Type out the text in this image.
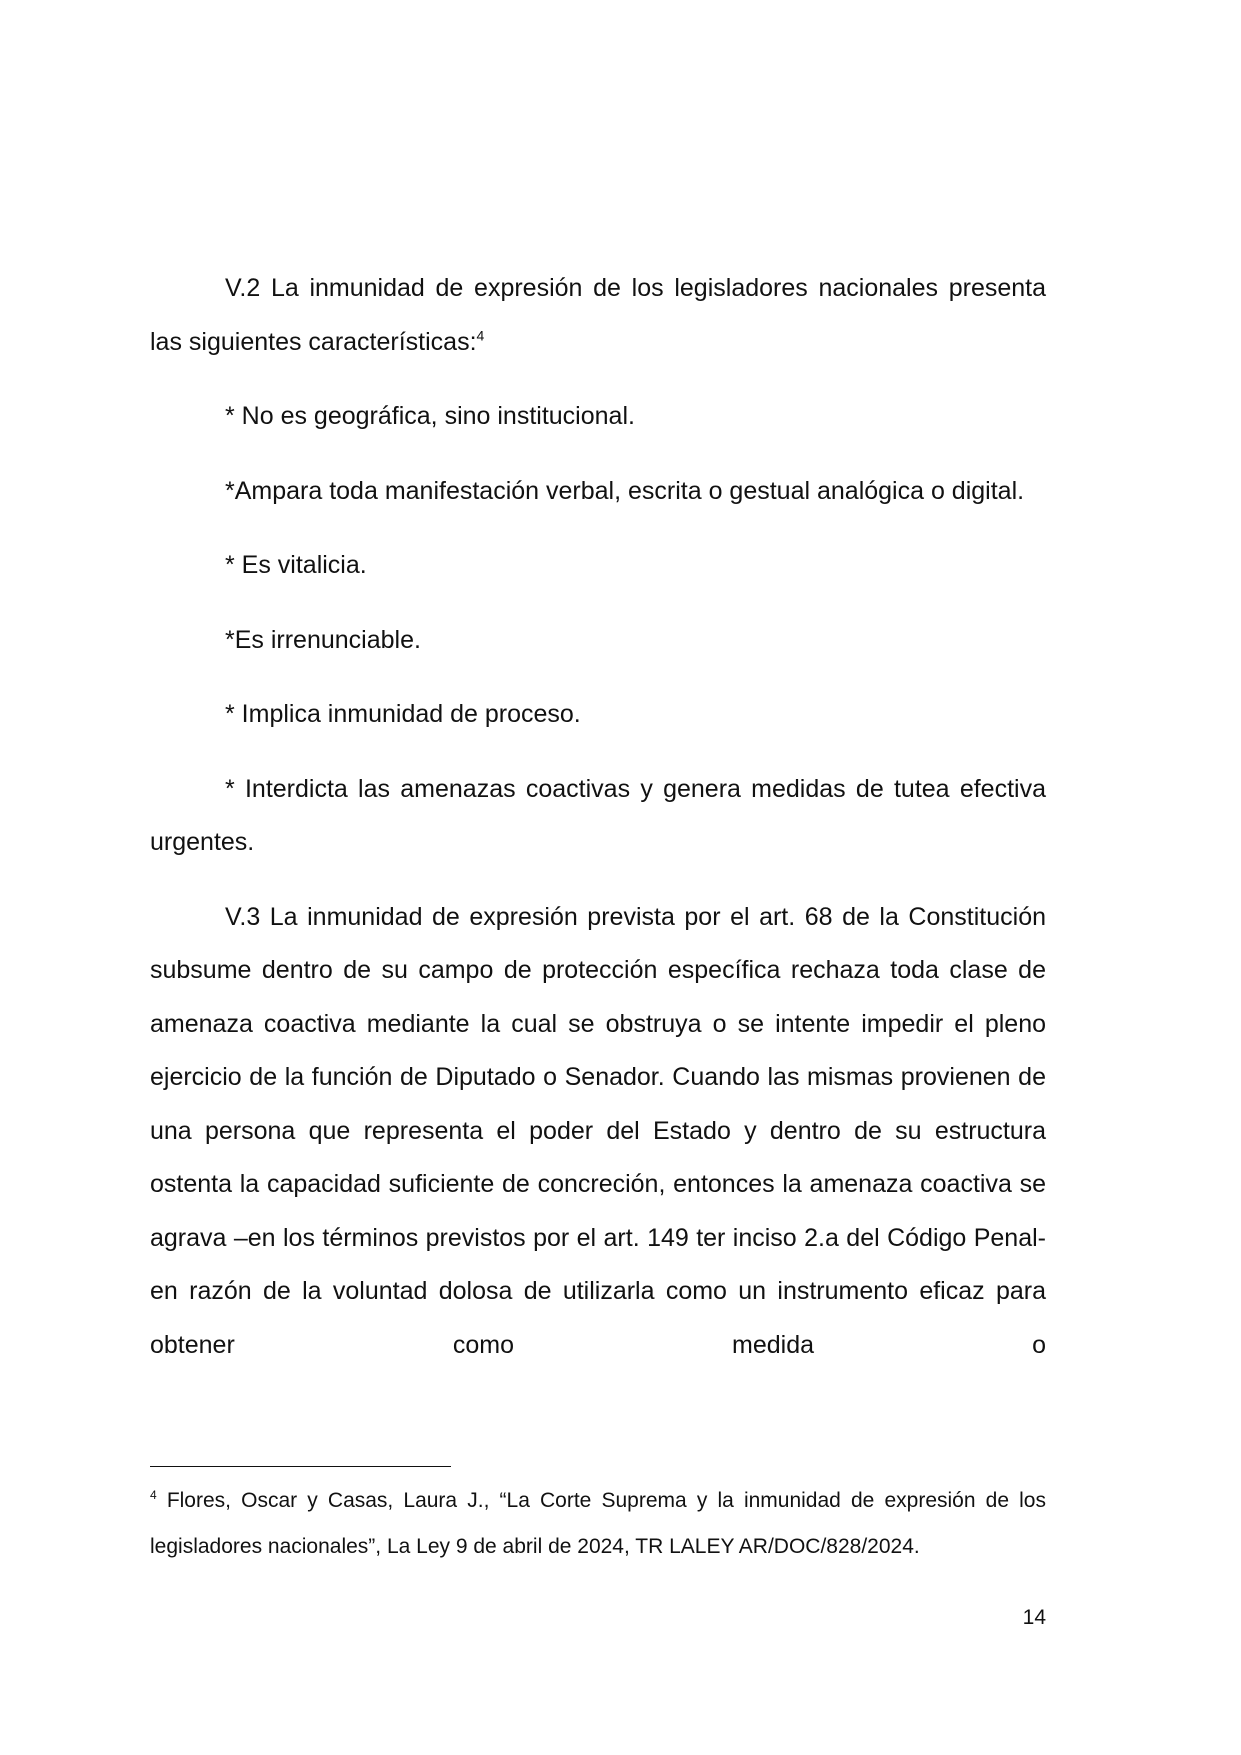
V.2 La inmunidad de expresión de los legisladores nacionales presenta las siguientes características:$^4$

* No es geográfica, sino institucional.

*Ampara toda manifestación verbal, escrita o gestual analógica o digital.

* Es vitalicia.

*Es irrenunciable.

* Implica inmunidad de proceso.

* Interdicta las amenazas coactivas y genera medidas de tutea efectiva urgentes.

V.3 La inmunidad de expresión prevista por el art. 68 de la Constitución subsume dentro de su campo de protección específica rechaza toda clase de amenaza coactiva mediante la cual se obstruya o se intente impedir el pleno ejercicio de la función de Diputado o Senador. Cuando las mismas provienen de una persona que representa el poder del Estado y dentro de su estructura ostenta la capacidad suficiente de concreción, entonces la amenaza coactiva se agrava –en los términos previstos por el art. 149 ter inciso 2.a del Código Penal- en razón de la voluntad dolosa de utilizarla como un instrumento eficaz para obtener como medida o

$^4$ Flores, Oscar y Casas, Laura J., “La Corte Suprema y la inmunidad de expresión de los legisladores nacionales”, La Ley 9 de abril de 2024, TR LALEY AR/DOC/828/2024.

14
